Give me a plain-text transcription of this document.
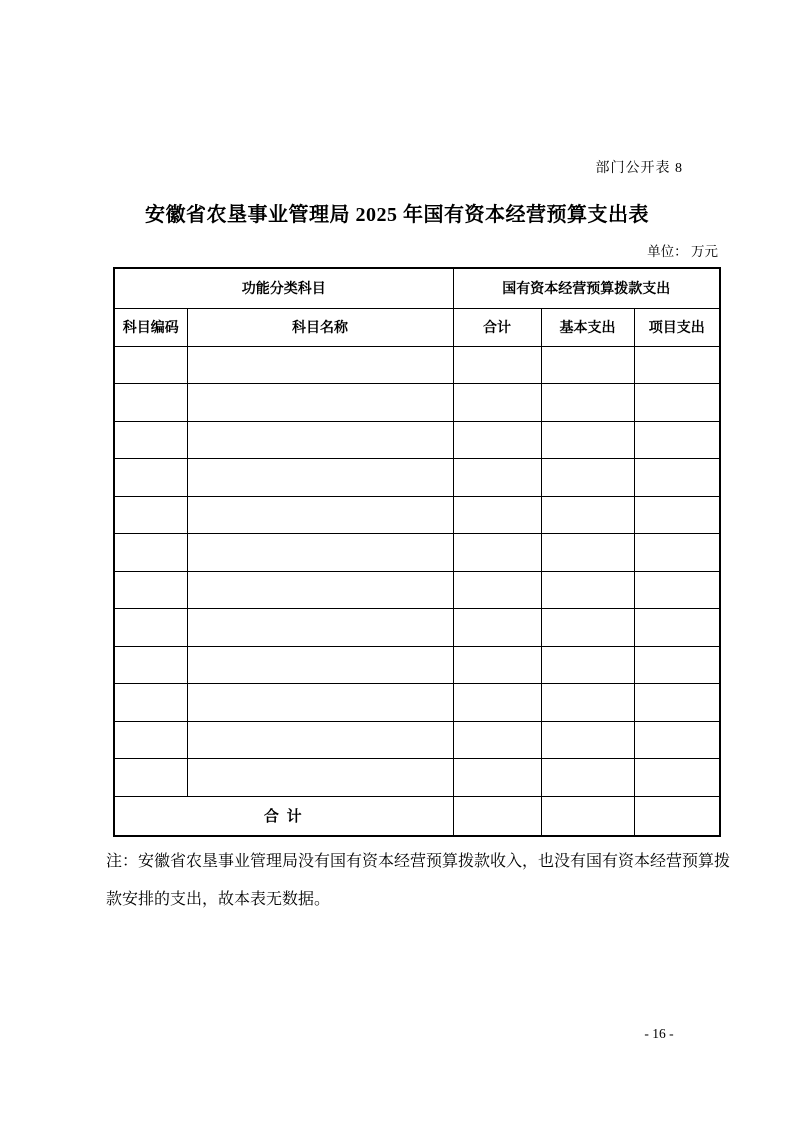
部门公开表 8
安徽省农垦事业管理局 2025 年国有资本经营预算支出表
单位： 万元
功能分类科目		国有资本经营预算拨款支出		
科目编码	科目名称	合计	基本支出	项目支出

合 计				

注：安徽省农垦事业管理局没有国有资本经营预算拨款收入，也没有国有资本经营预算拨款安排的支出，故本表无数据。

- 16 -
